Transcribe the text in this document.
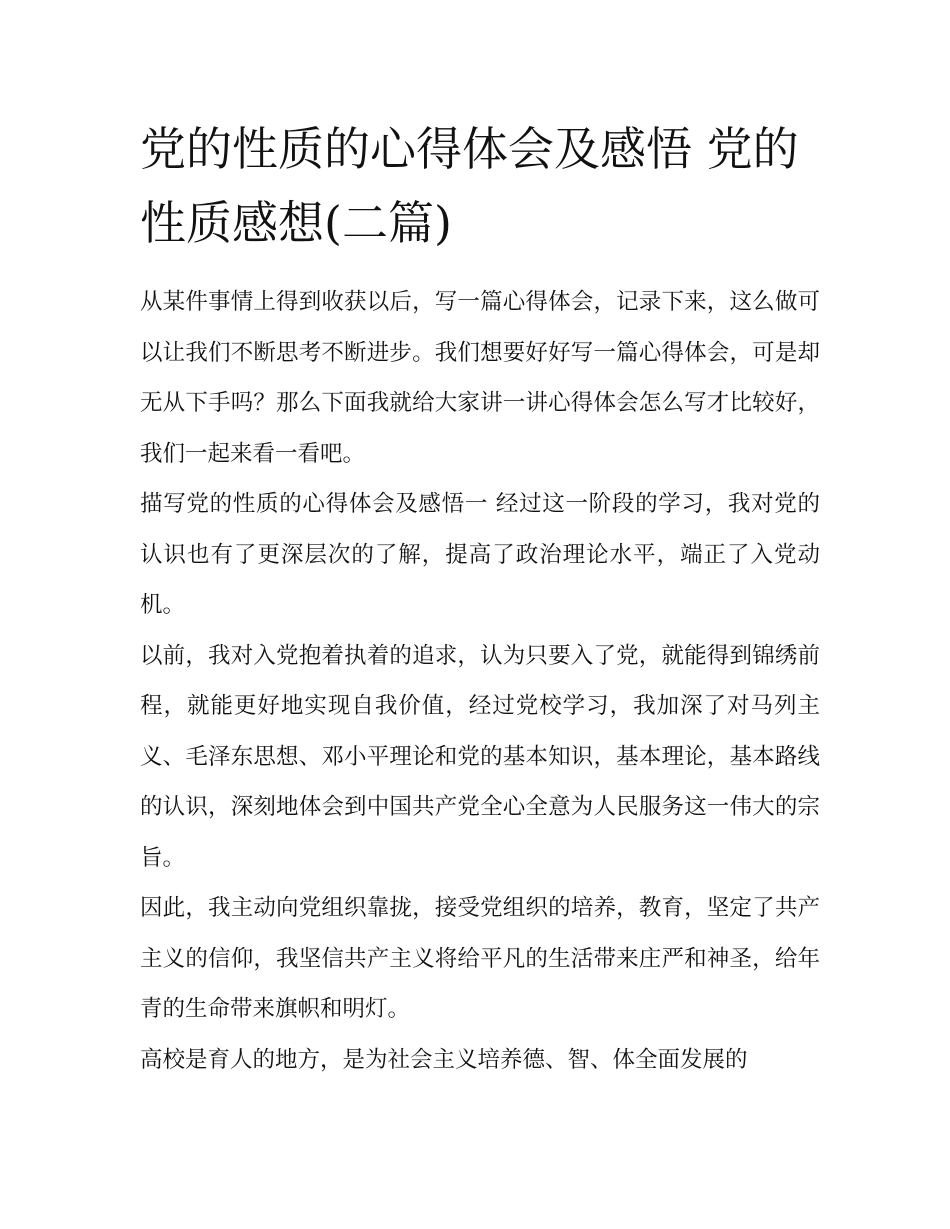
党的性质的心得体会及感悟 党的性质感想(二篇)

从某件事情上得到收获以后，写一篇心得体会，记录下来，这么做可以让我们不断思考不断进步。我们想要好好写一篇心得体会，可是却无从下手吗？那么下面我就给大家讲一讲心得体会怎么写才比较好，我们一起来看一看吧。

描写党的性质的心得体会及感悟一 经过这一阶段的学习，我对党的认识也有了更深层次的了解，提高了政治理论水平，端正了入党动机。

以前，我对入党抱着执着的追求，认为只要入了党，就能得到锦绣前程，就能更好地实现自我价值，经过党校学习，我加深了对马列主义、毛泽东思想、邓小平理论和党的基本知识，基本理论，基本路线的认识，深刻地体会到中国共产党全心全意为人民服务这一伟大的宗旨。

因此，我主动向党组织靠拢，接受党组织的培养，教育，坚定了共产主义的信仰，我坚信共产主义将给平凡的生活带来庄严和神圣，给年青的生命带来旗帜和明灯。

高校是育人的地方，是为社会主义培养德、智、体全面发展的
